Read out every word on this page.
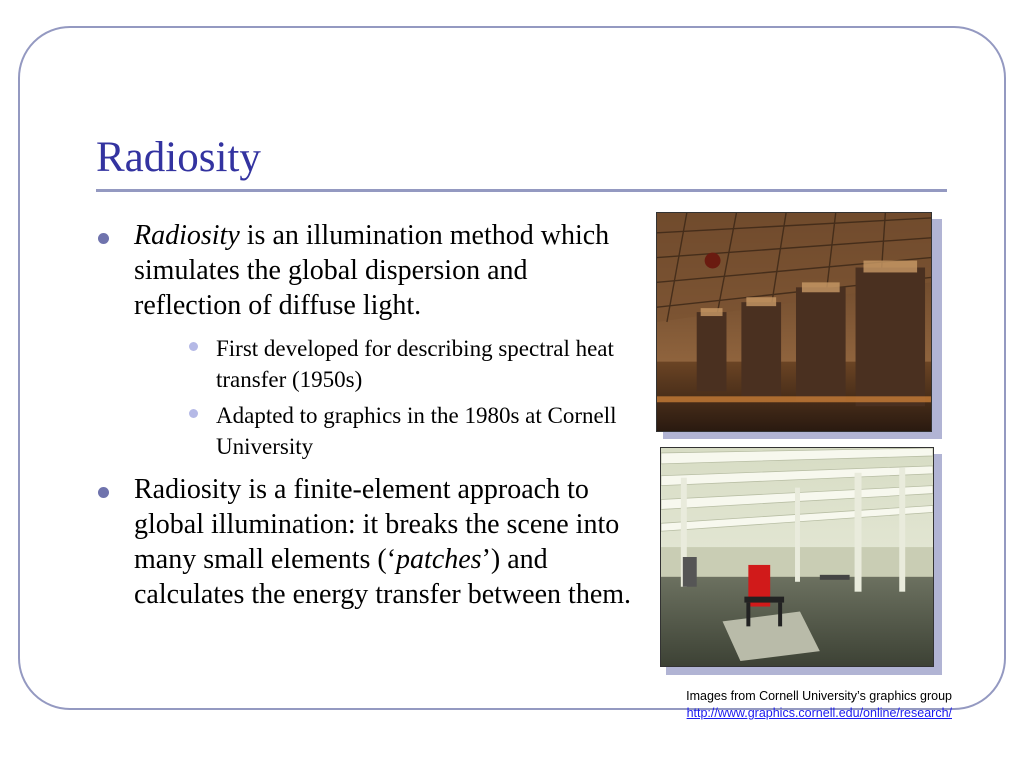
Radiosity
Radiosity is an illumination method which simulates the global dispersion and reflection of diffuse light.
First developed for describing spectral heat transfer (1950s)
Adapted to graphics in the 1980s at Cornell University
Radiosity is a finite-element approach to global illumination: it breaks the scene into many small elements (‘patches’) and calculates the energy transfer between them.
Images from Cornell University’s graphics group
http://www.graphics.cornell.edu/online/research/
